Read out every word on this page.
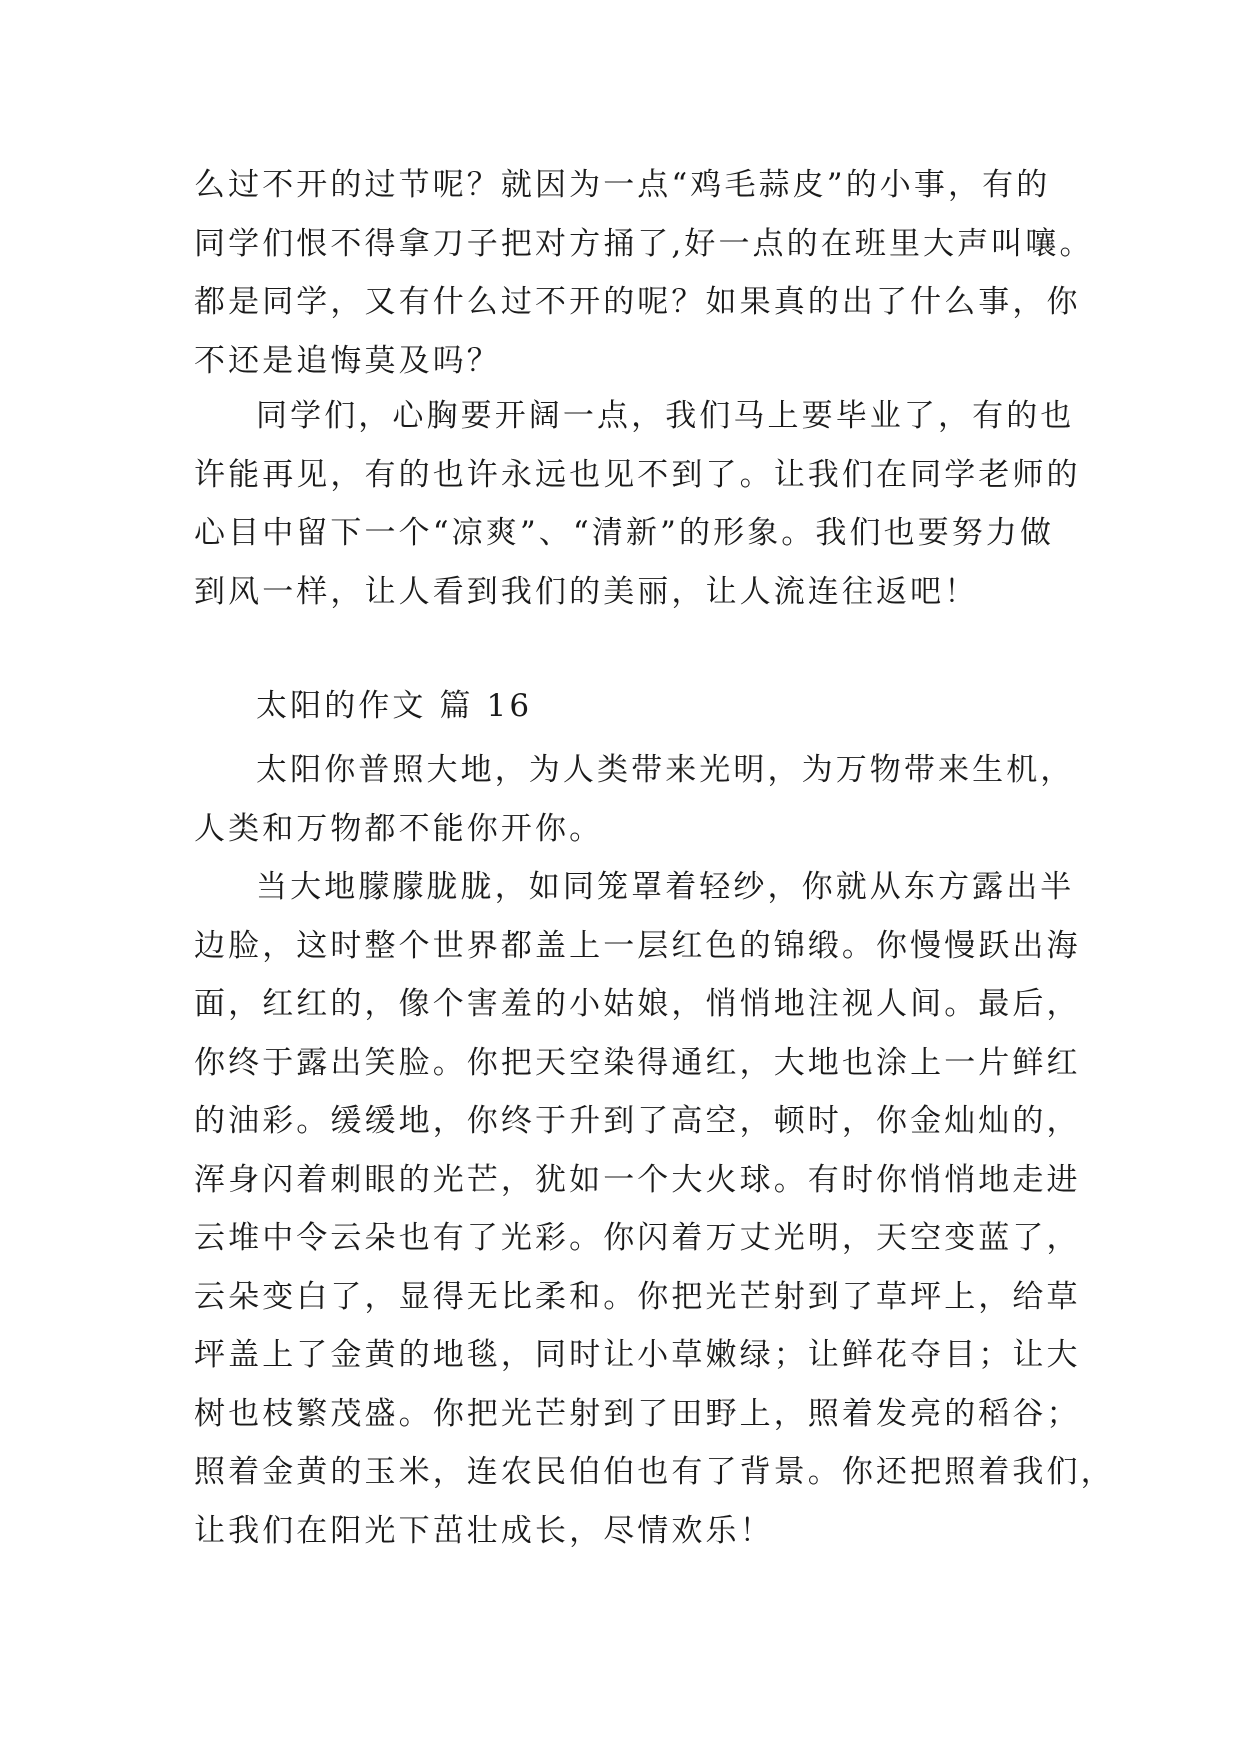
么过不开的过节呢？就因为一点“鸡毛蒜皮”的小事，有的
同学们恨不得拿刀子把对方捅了,好一点的在班里大声叫嚷。
都是同学，又有什么过不开的呢？如果真的出了什么事，你
不还是追悔莫及吗？
同学们，心胸要开阔一点，我们马上要毕业了，有的也
许能再见，有的也许永远也见不到了。让我们在同学老师的
心目中留下一个“凉爽”、“清新”的形象。我们也要努力做
到风一样，让人看到我们的美丽，让人流连往返吧！
太阳的作文 篇 16
太阳你普照大地，为人类带来光明，为万物带来生机，
人类和万物都不能你开你。
当大地朦朦胧胧，如同笼罩着轻纱，你就从东方露出半
边脸，这时整个世界都盖上一层红色的锦缎。你慢慢跃出海
面，红红的，像个害羞的小姑娘，悄悄地注视人间。最后，
你终于露出笑脸。你把天空染得通红，大地也涂上一片鲜红
的油彩。缓缓地，你终于升到了高空，顿时，你金灿灿的，
浑身闪着刺眼的光芒，犹如一个大火球。有时你悄悄地走进
云堆中令云朵也有了光彩。你闪着万丈光明，天空变蓝了，
云朵变白了，显得无比柔和。你把光芒射到了草坪上，给草
坪盖上了金黄的地毯，同时让小草嫩绿；让鲜花夺目；让大
树也枝繁茂盛。你把光芒射到了田野上，照着发亮的稻谷；
照着金黄的玉米，连农民伯伯也有了背景。你还把照着我们，
让我们在阳光下茁壮成长，尽情欢乐！
